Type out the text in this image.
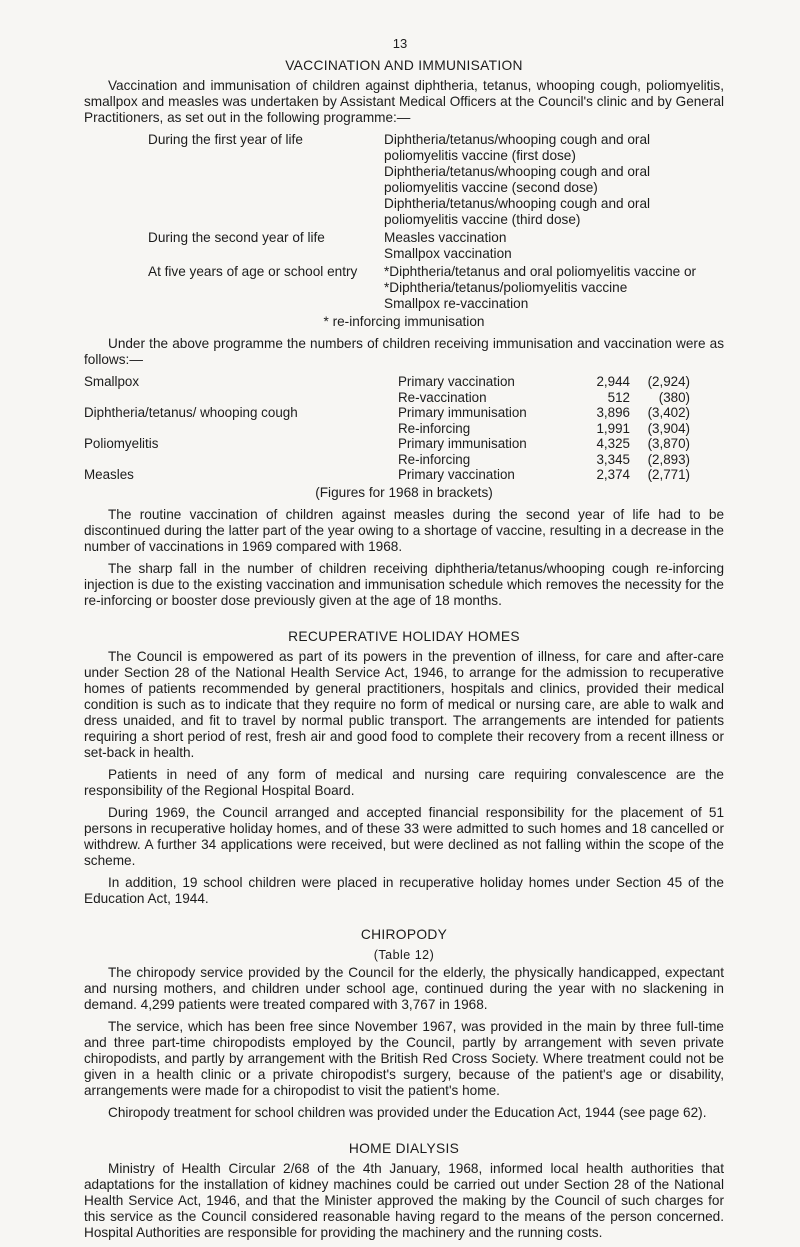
13
VACCINATION AND IMMUNISATION

Vaccination and immunisation of children against diphtheria, tetanus, whooping cough, poliomyelitis, smallpox and measles was undertaken by Assistant Medical Officers at the Council's clinic and by General Practitioners, as set out in the following programme:—

During the first year of life	Diphtheria/tetanus/whooping cough and oral
poliomyelitis vaccine (first dose)
Diphtheria/tetanus/whooping cough and oral
poliomyelitis vaccine (second dose)
Diphtheria/tetanus/whooping cough and oral
poliomyelitis vaccine (third dose)
During the second year of life	Measles vaccination
Smallpox vaccination
At five years of age or school entry	*Diphtheria/tetanus and oral poliomyelitis vaccine or
*Diphtheria/tetanus/poliomyelitis vaccine
Smallpox re-vaccination
* re-inforcing immunisation

Under the above programme the numbers of children receiving immunisation and vaccination were as follows:—

Smallpox	Primary vaccination	2,944	(2,924)
	Re-vaccination	512	(380)
Diphtheria/tetanus/ whooping cough	Primary immunisation	3,896	(3,402)
	Re-inforcing	1,991	(3,904)
Poliomyelitis	Primary immunisation	4,325	(3,870)
	Re-inforcing	3,345	(2,893)
Measles	Primary vaccination	2,374	(2,771)
(Figures for 1968 in brackets)

The routine vaccination of children against measles during the second year of life had to be discontinued during the latter part of the year owing to a shortage of vaccine, resulting in a decrease in the number of vaccinations in 1969 compared with 1968.

The sharp fall in the number of children receiving diphtheria/tetanus/whooping cough re-inforcing injection is due to the existing vaccination and immunisation schedule which removes the necessity for the re-inforcing or booster dose previously given at the age of 18 months.

RECUPERATIVE HOLIDAY HOMES

The Council is empowered as part of its powers in the prevention of illness, for care and after-care under Section 28 of the National Health Service Act, 1946, to arrange for the admission to recuperative homes of patients recommended by general practitioners, hospitals and clinics, provided their medical condition is such as to indicate that they require no form of medical or nursing care, are able to walk and dress unaided, and fit to travel by normal public transport. The arrangements are intended for patients requiring a short period of rest, fresh air and good food to complete their recovery from a recent illness or set-back in health.

Patients in need of any form of medical and nursing care requiring convalescence are the responsibility of the Regional Hospital Board.

During 1969, the Council arranged and accepted financial responsibility for the placement of 51 persons in recuperative holiday homes, and of these 33 were admitted to such homes and 18 cancelled or withdrew. A further 34 applications were received, but were declined as not falling within the scope of the scheme.

In addition, 19 school children were placed in recuperative holiday homes under Section 45 of the Education Act, 1944.

CHIROPODY
(Table 12)

The chiropody service provided by the Council for the elderly, the physically handicapped, expectant and nursing mothers, and children under school age, continued during the year with no slackening in demand. 4,299 patients were treated compared with 3,767 in 1968.

The service, which has been free since November 1967, was provided in the main by three full-time and three part-time chiropodists employed by the Council, partly by arrangement with seven private chiropodists, and partly by arrangement with the British Red Cross Society. Where treatment could not be given in a health clinic or a private chiropodist's surgery, because of the patient's age or disability, arrangements were made for a chiropodist to visit the patient's home.

Chiropody treatment for school children was provided under the Education Act, 1944 (see page 62).

HOME DIALYSIS

Ministry of Health Circular 2/68 of the 4th January, 1968, informed local health authorities that adaptations for the installation of kidney machines could be carried out under Section 28 of the National Health Service Act, 1946, and that the Minister approved the making by the Council of such charges for this service as the Council considered reasonable having regard to the means of the person concerned. Hospital Authorities are responsible for providing the machinery and the running costs.
